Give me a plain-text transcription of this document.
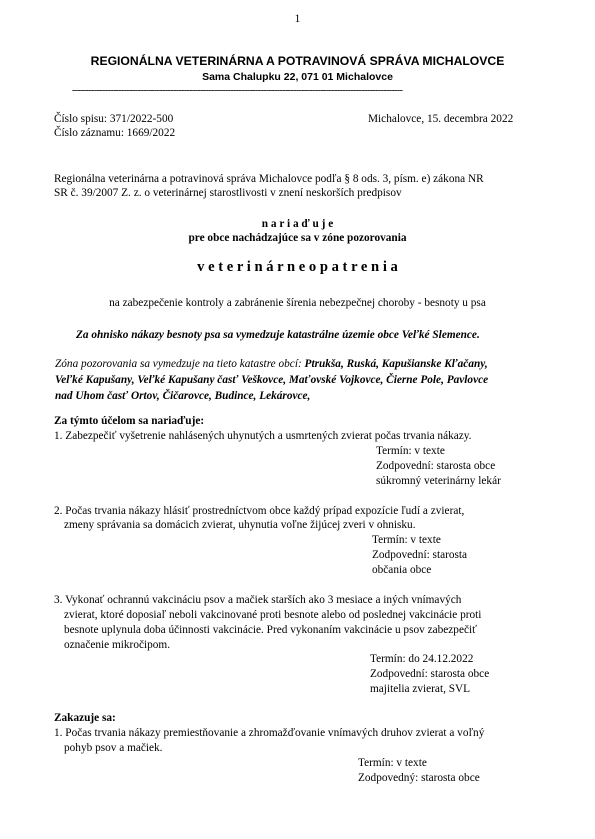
1
REGIONÁLNA VETERINÁRNA A POTRAVINOVÁ SPRÁVA MICHALOVCE
Sama Chalupku 22, 071 01 Michalovce
-------------------------------------------------------------------------------------------------------------------------
Číslo spisu: 371/2022-500
Číslo záznamu: 1669/2022
Michalovce, 15. decembra 2022
Regionálna veterinárna a potravinová správa Michalovce podľa § 8 ods. 3, písm. e) zákona NR
SR č. 39/2007 Z. z. o veterinárnej starostlivosti v znení neskorších predpisov
n a r i a ď u j e
pre obce nachádzajúce sa v zóne pozorovania
v e t e r i n á r n e o p a t r e n i a
na zabezpečenie kontroly a zabránenie šírenia nebezpečnej choroby - besnoty u psa
Za ohnisko nákazy besnoty psa sa vymedzuje katastrálne územie obce Veľké Slemence.
Zóna pozorovania sa vymedzuje na tieto katastre obcí: Ptrukša, Ruská, Kapušianske Kľačany,
Veľké Kapušany, Veľké Kapušany časť Veškovce, Maťovské Vojkovce, Čierne Pole, Pavlovce
nad Uhom časť Ortov, Čičarovce, Budince, Lekárovce,
Za týmto účelom sa nariaďuje:
1. Zabezpečiť vyšetrenie nahlásených uhynutých a usmrtených zvierat počas trvania nákazy.
Termín: v texte
Zodpovední: starosta obce
súkromný veterinárny lekár
2. Počas trvania nákazy hlásiť prostredníctvom obce každý prípad expozície ľudí a zvierat,
zmeny správania sa domácich zvierat, uhynutia voľne žijúcej zveri v ohnisku.
Termín: v texte
Zodpovední: starosta
občania obce
3. Vykonať ochrannú vakcináciu psov a mačiek starších ako 3 mesiace a iných vnímavých
zvierat, ktoré doposiaľ neboli vakcinované proti besnote alebo od poslednej vakcinácie proti
besnote uplynula doba účinnosti vakcinácie. Pred vykonaním vakcinácie u psov zabezpečiť
označenie mikročipom.
Termín: do 24.12.2022
Zodpovední: starosta obce
majitelia zvierat, SVL
Zakazuje sa:
1. Počas trvania nákazy premiestňovanie a zhromažďovanie vnímavých druhov zvierat a voľný
pohyb psov a mačiek.
Termín: v texte
Zodpovedný: starosta obce
